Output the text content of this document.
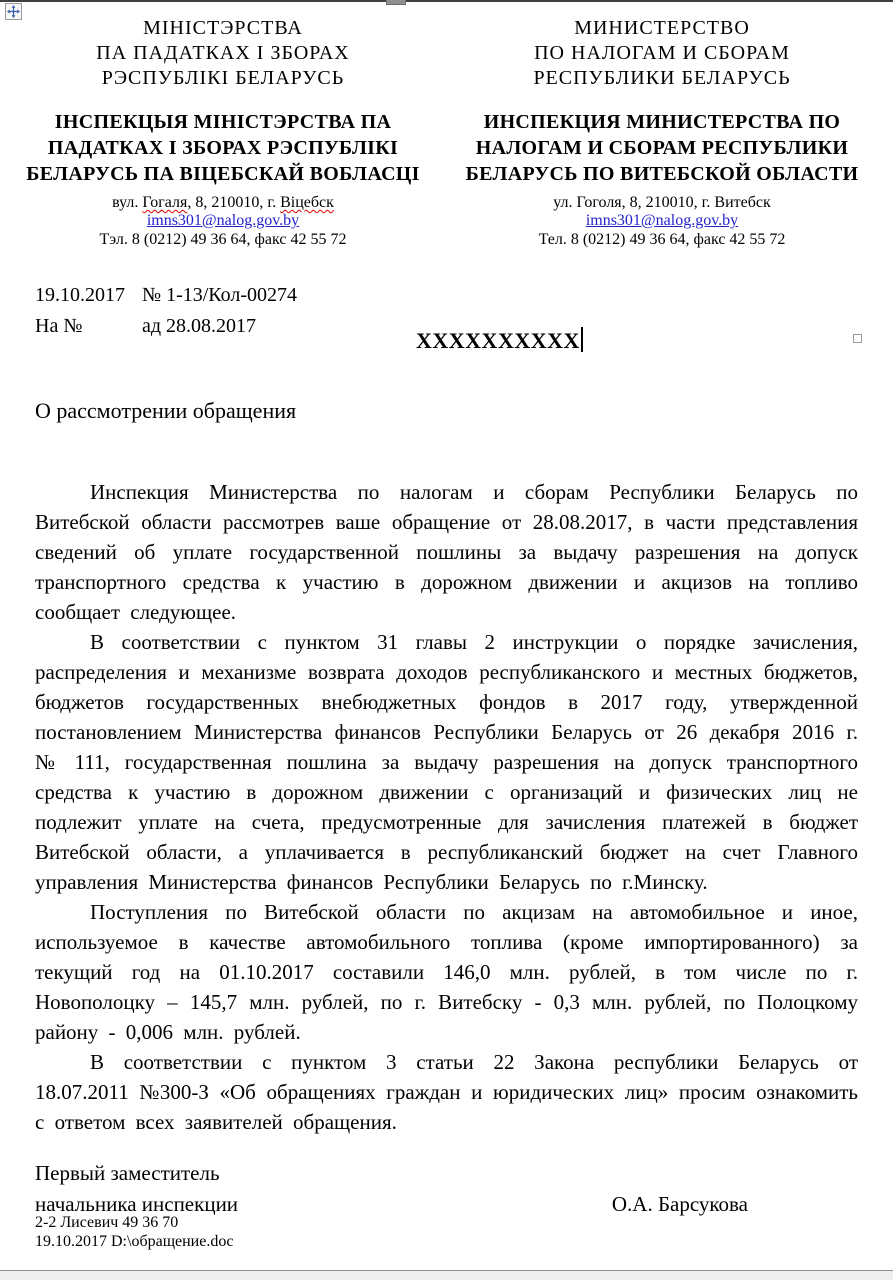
МІНІСТЭРСТВА
ПА ПАДАТКАХ І ЗБОРАХ
РЭСПУБЛІКІ БЕЛАРУСЬ
ІНСПЕКЦЫЯ МІНІСТЭРСТВА ПА ПАДАТКАХ І ЗБОРАХ РЭСПУБЛІКІ БЕЛАРУСЬ ПА ВІЦЕБСКАЙ ВОБЛАСЦІ
вул. Гогаля, 8, 210010, г. Віцебск
imns301@nalog.gov.by
Тэл. 8 (0212) 49 36 64, факс 42 55 72
МИНИСТЕРСТВО
ПО НАЛОГАМ И СБОРАМ
РЕСПУБЛИКИ БЕЛАРУСЬ
ИНСПЕКЦИЯ МИНИСТЕРСТВА ПО НАЛОГАМ И СБОРАМ РЕСПУБЛИКИ БЕЛАРУСЬ ПО ВИТЕБСКОЙ ОБЛАСТИ
ул. Гоголя, 8, 210010, г. Витебск
imns301@nalog.gov.by
Тел. 8 (0212) 49 36 64, факс 42 55 72
19.10.2017 № 1-13/Кол-00274
На №	ад 28.08.2017
XXXXXXXXXX
О рассмотрении обращения

Инспекция Министерства по налогам и сборам Республики Беларусь по Витебской области рассмотрев ваше обращение от 28.08.2017, в части представления сведений об уплате государственной пошлины за выдачу разрешения на допуск транспортного средства к участию в дорожном движении и акцизов на топливо сообщает следующее.

В соответствии с пунктом 31 главы 2 инструкции о порядке зачисления, распределения и механизме возврата доходов республиканского и местных бюджетов, бюджетов государственных внебюджетных фондов в 2017 году, утвержденной постановлением Министерства финансов Республики Беларусь от 26 декабря 2016 г. № 111, государственная пошлина за выдачу разрешения на допуск транспортного средства к участию в дорожном движении с организаций и физических лиц не подлежит уплате на счета, предусмотренные для зачисления платежей в бюджет Витебской области, а уплачивается в республиканский бюджет на счет Главного управления Министерства финансов Республики Беларусь по г.Минску.

Поступления по Витебской области по акцизам на автомобильное и иное, используемое в качестве автомобильного топлива (кроме импортированного) за текущий год на 01.10.2017 составили 146,0 млн. рублей, в том числе по г. Новополоцку – 145,7 млн. рублей, по г. Витебску - 0,3 млн. рублей, по Полоцкому району - 0,006 млн. рублей.

В соответствии с пунктом 3 статьи 22 Закона республики Беларусь от 18.07.2011 №300-З «Об обращениях граждан и юридических лиц» просим ознакомить с ответом всех заявителей обращения.

Первый заместитель
начальника инспекции	О.А. Барсукова
2-2 Лисевич 49 36 70
19.10.2017 D:\обращение.doc
